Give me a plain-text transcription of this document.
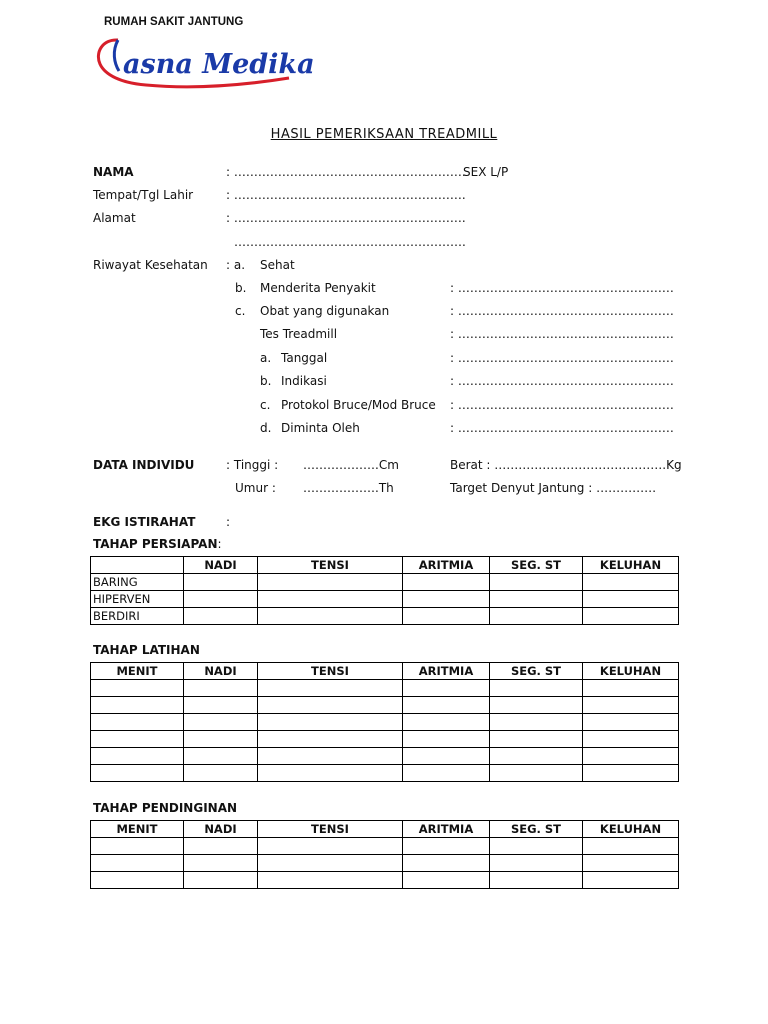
RUMAH SAKIT JANTUNG
asna Medika
HASIL PEMERIKSAAN TREADMILL
NAMA	: ………………………………………………….
SEX L/P
Tempat/Tgl Lahir	: ………………………………………………….
Alamat	: ………………………………………………….
………………………………………………….
Riwayat Kesehatan : a. Sehat
b. Menderita Penyakit	: ………………………………………………
c. Obat yang digunakan	: ………………………………………………
Tes Treadmill	: ………………………………………………
a. Tanggal	: ………………………………………………
b. Indikasi	: ………………………………………………
c. Protokol Bruce/Mod Bruce : ………………………………………………
d. Diminta Oleh	: ………………………………………………
DATA INDIVIDU	: Tinggi : ……………….Cm	Berat : …………………………………….Kg
Umur : ……………….Th	Target Denyut Jantung : ……………
EKG ISTIRAHAT	:
TAHAP PERSIAPAN:
	NADI	TENSI	ARITMIA	SEG. ST	KELUHAN
BARING					
HIPERVEN					
BERDIRI					
TAHAP LATIHAN
MENIT	NADI	TENSI	ARITMIA	SEG. ST	KELUHAN

TAHAP PENDINGINAN
MENIT	NADI	TENSI	ARITMIA	SEG. ST	KELUHAN
